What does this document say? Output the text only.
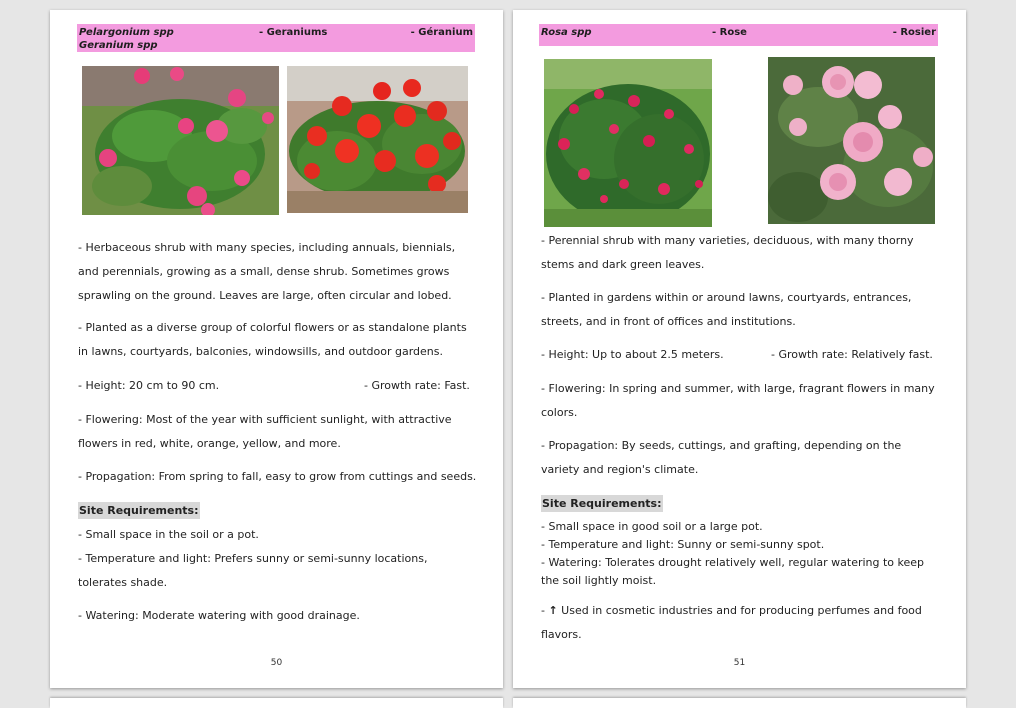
Pelargonium spp
Geranium spp
- Geraniums	- Géranium

- Herbaceous shrub with many species, including annuals, biennials, and perennials, growing as a small, dense shrub. Sometimes grows sprawling on the ground. Leaves are large, often circular and lobed.

- Planted as a diverse group of colorful flowers or as standalone plants in lawns, courtyards, balconies, windowsills, and outdoor gardens.

- Height: 20 cm to 90 cm.	- Growth rate: Fast.

- Flowering: Most of the year with sufficient sunlight, with attractive flowers in red, white, orange, yellow, and more.

- Propagation: From spring to fall, easy to grow from cuttings and seeds.

Site Requirements:

- Small space in the soil or a pot.

- Temperature and light: Prefers sunny or semi-sunny locations, tolerates shade.

- Watering: Moderate watering with good drainage.

50
Rosa spp	- Rose	- Rosier

- Perennial shrub with many varieties, deciduous, with many thorny stems and dark green leaves.

- Planted in gardens within or around lawns, courtyards, entrances, streets, and in front of offices and institutions.

- Height: Up to about 2.5 meters.	- Growth rate: Relatively fast.

- Flowering: In spring and summer, with large, fragrant flowers in many colors.

- Propagation: By seeds, cuttings, and grafting, depending on the variety and region's climate.

Site Requirements:

- Small space in good soil or a large pot.

- Temperature and light: Sunny or semi-sunny spot.

- Watering: Tolerates drought relatively well, regular watering to keep the soil lightly moist.

- ↑ Used in cosmetic industries and for producing perfumes and food flavors.

51
